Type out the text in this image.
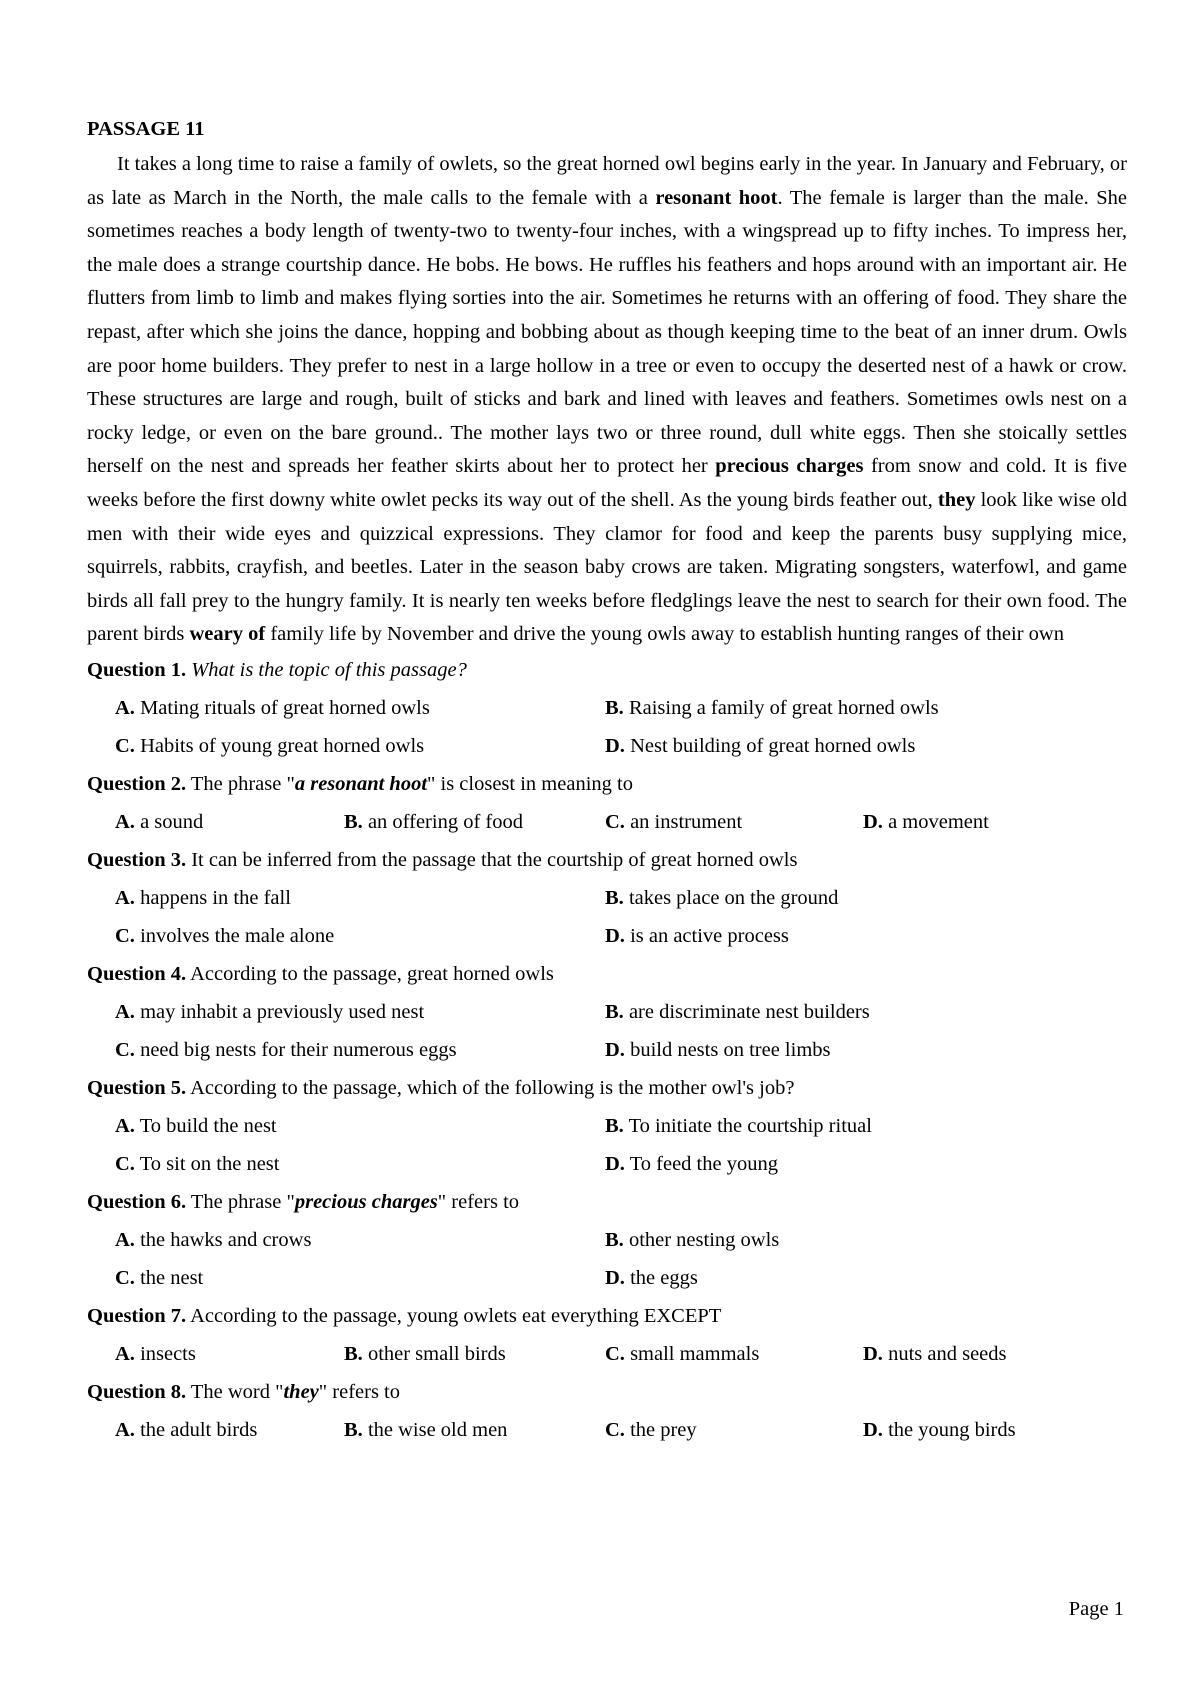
PASSAGE 11

It takes a long time to raise a family of owlets, so the great horned owl begins early in the year. In January and February, or as late as March in the North, the male calls to the female with a resonant hoot. The female is larger than the male. She sometimes reaches a body length of twenty-two to twenty-four inches, with a wingspread up to fifty inches. To impress her, the male does a strange courtship dance. He bobs. He bows. He ruffles his feathers and hops around with an important air. He flutters from limb to limb and makes flying sorties into the air. Sometimes he returns with an offering of food. They share the repast, after which she joins the dance, hopping and bobbing about as though keeping time to the beat of an inner drum. Owls are poor home builders. They prefer to nest in a large hollow in a tree or even to occupy the deserted nest of a hawk or crow. These structures are large and rough, built of sticks and bark and lined with leaves and feathers. Sometimes owls nest on a rocky ledge, or even on the bare ground.. The mother lays two or three round, dull white eggs. Then she stoically settles herself on the nest and spreads her feather skirts about her to protect her precious charges from snow and cold. It is five weeks before the first downy white owlet pecks its way out of the shell. As the young birds feather out, they look like wise old men with their wide eyes and quizzical expressions. They clamor for food and keep the parents busy supplying mice, squirrels, rabbits, crayfish, and beetles. Later in the season baby crows are taken. Migrating songsters, waterfowl, and game birds all fall prey to the hungry family. It is nearly ten weeks before fledglings leave the nest to search for their own food. The parent birds weary of family life by November and drive the young owls away to establish hunting ranges of their own

Question 1. What is the topic of this passage?

A. Mating rituals of great horned owls	B. Raising a family of great horned owls
C. Habits of young great horned owls	D. Nest building of great horned owls

Question 2. The phrase "a resonant hoot" is closest in meaning to

A. a sound	B. an offering of food	C. an instrument	D. a movement

Question 3. It can be inferred from the passage that the courtship of great horned owls

A. happens in the fall	B. takes place on the ground
C. involves the male alone	D. is an active process

Question 4. According to the passage, great horned owls

A. may inhabit a previously used nest	B. are discriminate nest builders
C. need big nests for their numerous eggs	D. build nests on tree limbs

Question 5. According to the passage, which of the following is the mother owl's job?

A. To build the nest	B. To initiate the courtship ritual
C. To sit on the nest	D. To feed the young

Question 6. The phrase "precious charges" refers to

A. the hawks and crows	B. other nesting owls
C. the nest	D. the eggs

Question 7. According to the passage, young owlets eat everything EXCEPT

A. insects	B. other small birds	C. small mammals	D. nuts and seeds

Question 8. The word "they" refers to

A. the adult birds	B. the wise old men	C. the prey	D. the young birds
Page 1
